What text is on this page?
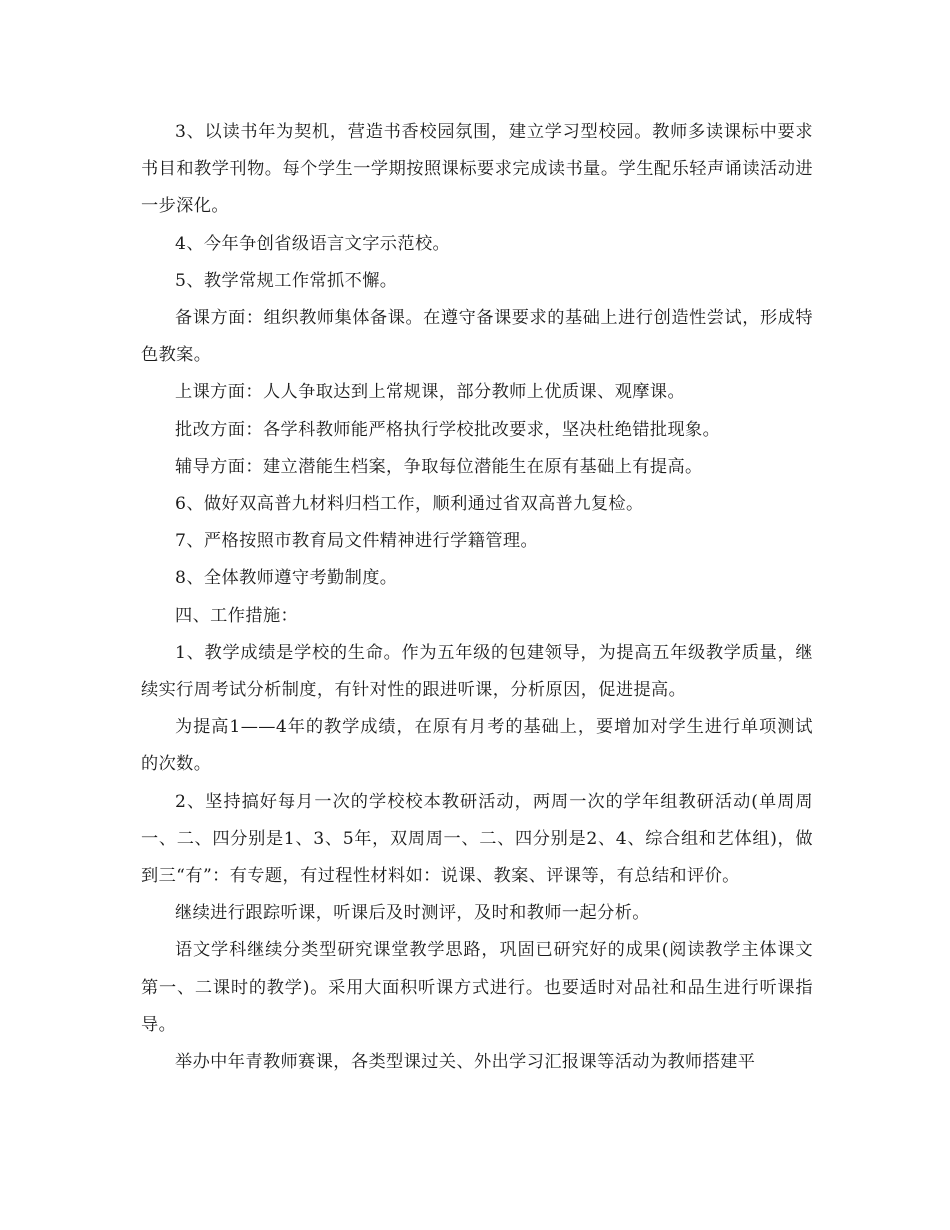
3、以读书年为契机，营造书香校园氛围，建立学习型校园。教师多读课标中要求书目和教学刊物。每个学生一学期按照课标要求完成读书量。学生配乐轻声诵读活动进一步深化。

4、今年争创省级语言文字示范校。

5、教学常规工作常抓不懈。

备课方面：组织教师集体备课。在遵守备课要求的基础上进行创造性尝试，形成特色教案。

上课方面：人人争取达到上常规课，部分教师上优质课、观摩课。

批改方面：各学科教师能严格执行学校批改要求，坚决杜绝错批现象。

辅导方面：建立潜能生档案，争取每位潜能生在原有基础上有提高。

6、做好双高普九材料归档工作，顺利通过省双高普九复检。

7、严格按照市教育局文件精神进行学籍管理。

8、全体教师遵守考勤制度。

四、工作措施：

1、教学成绩是学校的生命。作为五年级的包建领导，为提高五年级教学质量，继续实行周考试分析制度，有针对性的跟进听课，分析原因，促进提高。

为提高1——4年的教学成绩，在原有月考的基础上，要增加对学生进行单项测试的次数。

2、坚持搞好每月一次的学校校本教研活动，两周一次的学年组教研活动(单周周一、二、四分别是1、3、5年，双周周一、二、四分别是2、4、综合组和艺体组)，做到三“有”：有专题，有过程性材料如：说课、教案、评课等，有总结和评价。

继续进行跟踪听课，听课后及时测评，及时和教师一起分析。

语文学科继续分类型研究课堂教学思路，巩固已研究好的成果(阅读教学主体课文第一、二课时的教学)。采用大面积听课方式进行。也要适时对品社和品生进行听课指导。

举办中年青教师赛课，各类型课过关、外出学习汇报课等活动为教师搭建平
